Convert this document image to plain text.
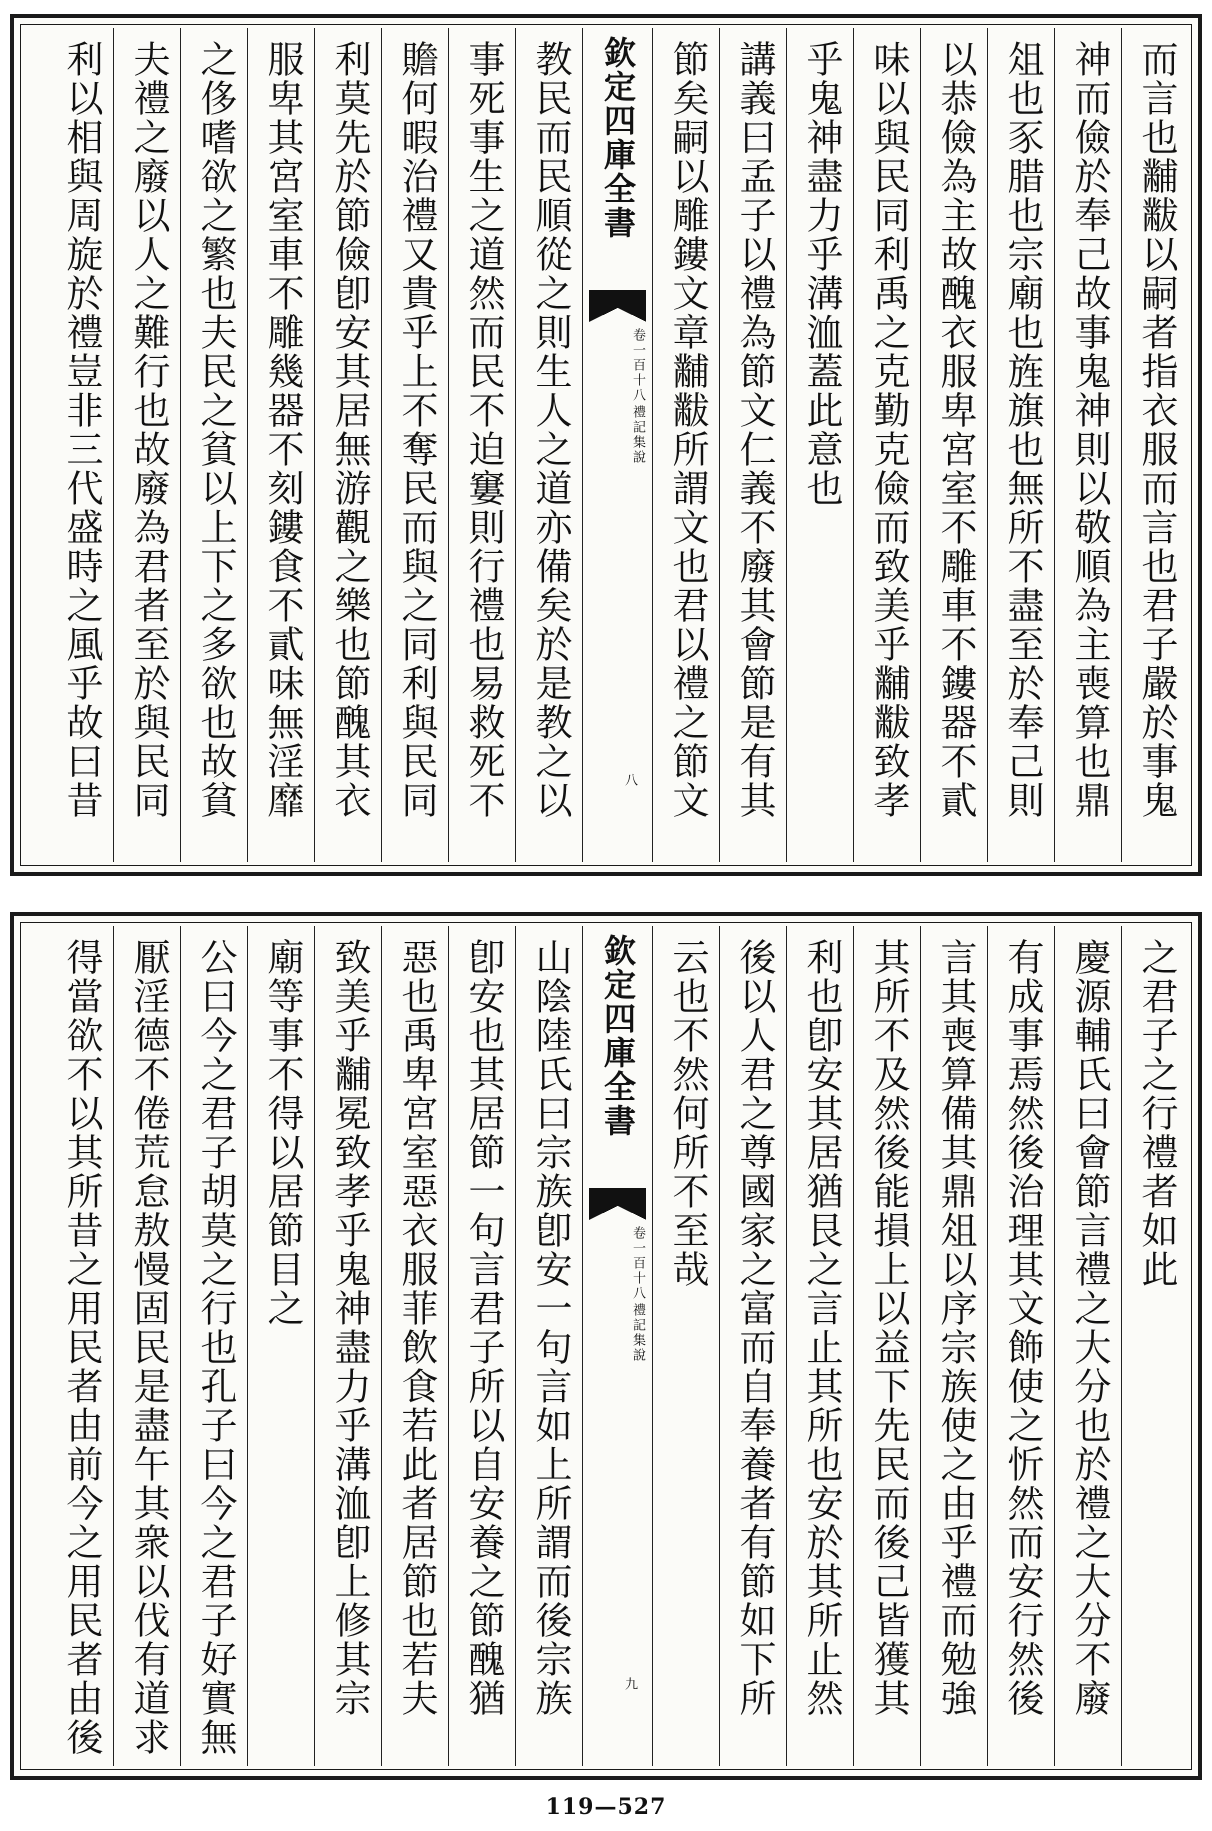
而言也黼黻以嗣者指衣服而言也君子嚴於事鬼
神而儉於奉己故事鬼神則以敬順為主喪算也鼎
俎也豕腊也宗廟也旌旗也無所不盡至於奉己則
以恭儉為主故醜衣服卑宮室不雕車不鏤器不貳
味以與民同利禹之克勤克儉而致美乎黼黻致孝
乎鬼神盡力乎溝洫蓋此意也
講義曰孟子以禮為節文仁義不廢其會節是有其
節矣嗣以雕鏤文章黼黻所謂文也君以禮之節文
欽定四庫全書
禮記集說
卷一百十八
八
教民而民順從之則生人之道亦備矣於是教之以
事死事生之道然而民不迫窶則行禮也易救死不
贍何暇治禮又貴乎上不奪民而與之同利與民同
利莫先於節儉卽安其居無游觀之樂也節醜其衣
服卑其宮室車不雕幾器不刻鏤食不貳味無淫靡
之侈嗜欲之繁也夫民之貧以上下之多欲也故貧
夫禮之廢以人之難行也故廢為君者至於與民同
利以相與周旋於禮豈非三代盛時之風乎故曰昔
之君子之行禮者如此
慶源輔氏曰會節言禮之大分也於禮之大分不廢
有成事焉然後治理其文飾使之忻然而安行然後
言其喪算備其鼎俎以序宗族使之由乎禮而勉強
其所不及然後能損上以益下先民而後己皆獲其
利也卽安其居猶艮之言止其所也安於其所止然
後以人君之尊國家之富而自奉養者有節如下所
云也不然何所不至哉
欽定四庫全書
禮記集說
卷一百十八
九
山陰陸氏曰宗族卽安一句言如上所謂而後宗族
卽安也其居節一句言君子所以自安養之節醜猶
惡也禹卑宮室惡衣服菲飲食若此者居節也若夫
致美乎黼冕致孝乎鬼神盡力乎溝洫卽上修其宗
廟等事不得以居節目之
公曰今之君子胡莫之行也孔子曰今之君子好實無
厭淫德不倦荒怠敖慢固民是盡午其衆以伐有道求
得當欲不以其所昔之用民者由前今之用民者由後
119—527
